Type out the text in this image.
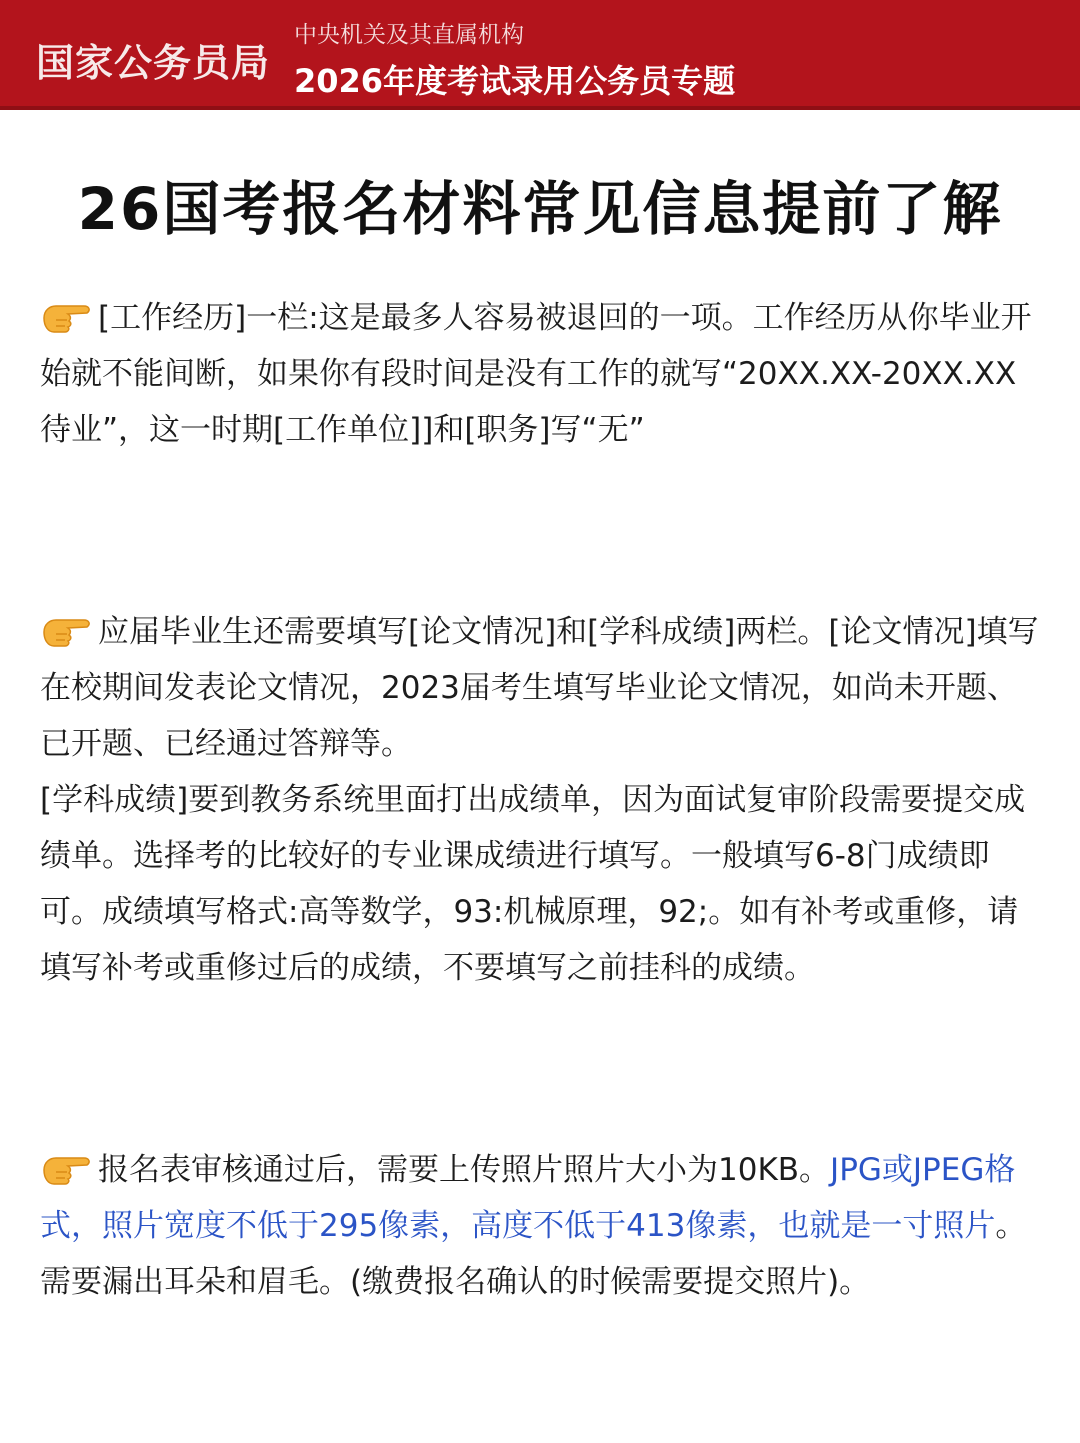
国家公务员局
中央机关及其直属机构
2026年度考试录用公务员专题
26国考报名材料常见信息提前了解

[工作经历]一栏:这是最多人容易被退回的一项。工作经历从你毕业开始就不能间断，如果你有段时间是没有工作的就写“20XX.XX-20XX.XX待业”，这一时期[工作单位]]和[职务]写“无”

应届毕业生还需要填写[论文情况]和[学科成绩]两栏。[论文情况]填写在校期间发表论文情况，2023届考生填写毕业论文情况，如尚未开题、已开题、已经通过答辩等。

[学科成绩]要到教务系统里面打出成绩单，因为面试复审阶段需要提交成绩单。选择考的比较好的专业课成绩进行填写。一般填写6-8门成绩即可。成绩填写格式:高等数学，93:机械原理，92;。如有补考或重修，请填写补考或重修过后的成绩，不要填写之前挂科的成绩。

报名表审核通过后，需要上传照片照片大小为10KB。JPG或JPEG格式，照片宽度不低于295像素，高度不低于413像素，也就是一寸照片。需要漏出耳朵和眉毛。(缴费报名确认的时候需要提交照片)。
